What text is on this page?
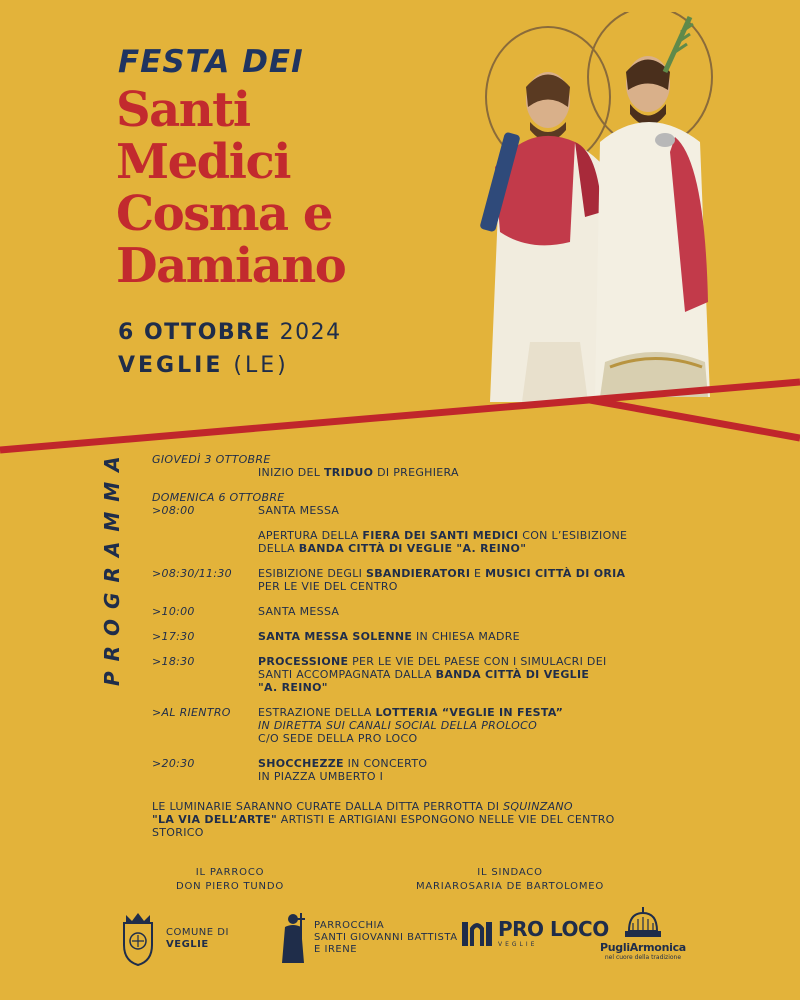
FESTA DEI
Santi
Medici
Cosma e
Damiano
6 OTTOBRE 2024
VEGLIE (LE)
PROGRAMMA	GIOVEDÌ 3 OTTOBRE
INIZIO DEL TRIDUO DI PREGHIERA
DOMENICA 6 OTTOBRE
>08:00	SANTA MESSA
APERTURA DELLA FIERA DEI SANTI MEDICI CON L’ESIBIZIONE
DELLA BANDA CITTÀ DI VEGLIE "A. REINO"
>08:30/11:30	ESIBIZIONE DEGLI SBANDIERATORI E MUSICI CITTÀ DI ORIA
PER LE VIE DEL CENTRO
>10:00	SANTA MESSA
>17:30	SANTA MESSA SOLENNE IN CHIESA MADRE
>18:30	PROCESSIONE PER LE VIE DEL PAESE CON I SIMULACRI DEI
SANTI ACCOMPAGNATA DALLA BANDA CITTÀ DI VEGLIE
"A. REINO"
>AL RIENTRO	ESTRAZIONE DELLA LOTTERIA “VEGLIE IN FESTA”
IN DIRETTA SUI CANALI SOCIAL DELLA PROLOCO
C/O SEDE DELLA PRO LOCO
>20:30	SHOCCHEZZE IN CONCERTO
IN PIAZZA UMBERTO I
LE LUMINARIE SARANNO CURATE DALLA DITTA PERROTTA DI SQUINZANO
"LA VIA DELL’ARTE" ARTISTI E ARTIGIANI ESPONGONO NELLE VIE DEL CENTRO
STORICO
IL PARROCO
DON PIERO TUNDO
IL SINDACO
MARIAROSARIA DE BARTOLOMEO
COMUNE DI
VEGLIE
PARROCCHIA
SANTI GIOVANNI BATTISTA
E IRENE
PRO LOCO
VEGLIE	PugliArmonica
nel cuore della tradizione
